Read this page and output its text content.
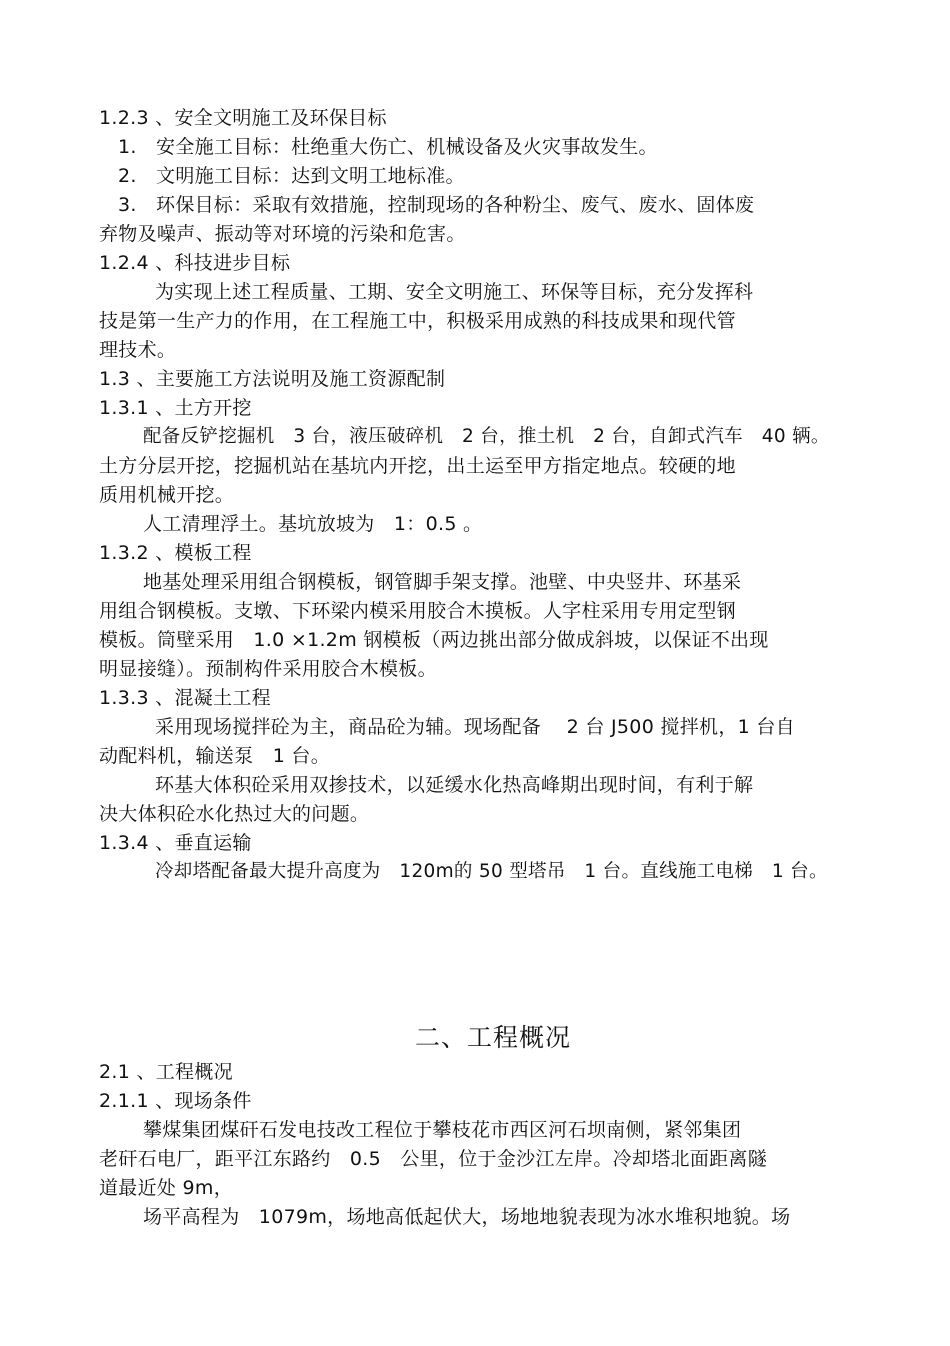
1.2.3 、安全文明施工及环保目标
1.　安全施工目标：杜绝重大伤亡、机械设备及火灾事故发生。
2.　文明施工目标：达到文明工地标准。
3.　环保目标：采取有效措施，控制现场的各种粉尘、废气、废水、固体废
弃物及噪声、振动等对环境的污染和危害。
1.2.4 、科技进步目标
为实现上述工程质量、工期、安全文明施工、环保等目标，充分发挥科
技是第一生产力的作用，在工程施工中，积极采用成熟的科技成果和现代管
理技术。
1.3 、主要施工方法说明及施工资源配制
1.3.1 、土方开挖
配备反铲挖掘机　3 台，液压破碎机　2 台，推土机　2 台，自卸式汽车　40 辆。
土方分层开挖，挖掘机站在基坑内开挖，出土运至甲方指定地点。较硬的地
质用机械开挖。
人工清理浮土。基坑放坡为　1：0.5 。
1.3.2 、模板工程
地基处理采用组合钢模板，钢管脚手架支撑。池壁、中央竖井、环基采
用组合钢模板。支墩、下环梁内模采用胶合木摸板。人字柱采用专用定型钢
模板。筒壁采用　1.0 ×1.2m 钢模板（两边挑出部分做成斜坡，以保证不出现
明显接缝）。预制构件采用胶合木模板。
1.3.3 、混凝土工程
采用现场搅拌砼为主，商品砼为辅。现场配备　 2 台 J500 搅拌机，1 台自
动配料机，输送泵　1 台。
环基大体积砼采用双掺技术，以延缓水化热高峰期出现时间，有利于解
决大体积砼水化热过大的问题。
1.3.4 、垂直运输
冷却塔配备最大提升高度为　120m的 50 型塔吊　1 台。直线施工电梯　1 台。
二、工程概况
2.1 、工程概况
2.1.1 、现场条件
攀煤集团煤矸石发电技改工程位于攀枝花市西区河石坝南侧，紧邻集团
老矸石电厂，距平江东路约　0.5　公里，位于金沙江左岸。冷却塔北面距离隧
道最近处 9m，
场平高程为　1079m，场地高低起伏大，场地地貌表现为冰水堆积地貌。场
